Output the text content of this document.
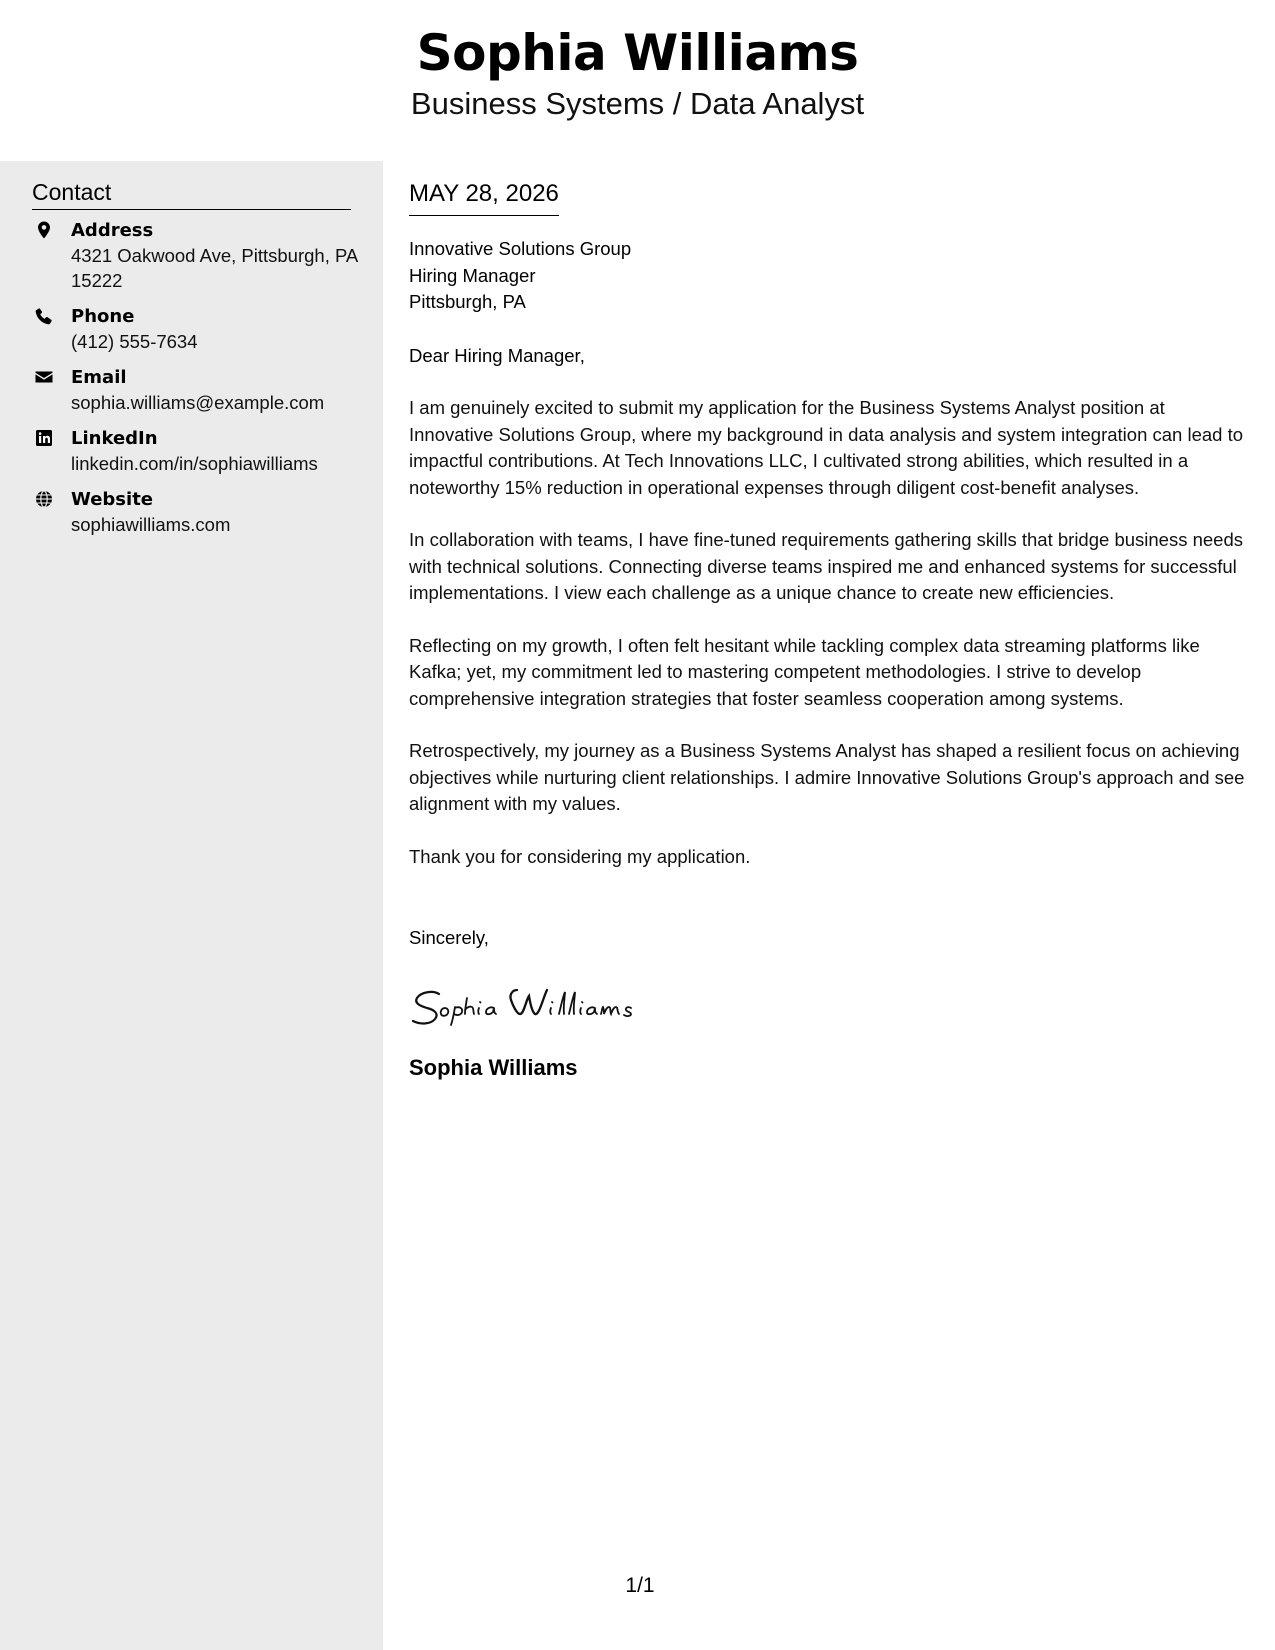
Sophia Williams
Business Systems / Data Analyst
Contact
Address
4321 Oakwood Ave, Pittsburgh, PA 15222
Phone
(412) 555-7634
Email
sophia.williams@example.com
LinkedIn
linkedin.com/in/sophiawilliams
Website
sophiawilliams.com
MAY 28, 2026
Innovative Solutions Group
Hiring Manager
Pittsburgh, PA
Dear Hiring Manager,

I am genuinely excited to submit my application for the Business Systems Analyst position at Innovative Solutions Group, where my background in data analysis and system integration can lead to impactful contributions. At Tech Innovations LLC, I cultivated strong abilities, which resulted in a noteworthy 15% reduction in operational expenses through diligent cost-benefit analyses.

In collaboration with teams, I have fine-tuned requirements gathering skills that bridge business needs with technical solutions. Connecting diverse teams inspired me and enhanced systems for successful implementations. I view each challenge as a unique chance to create new efficiencies.

Reflecting on my growth, I often felt hesitant while tackling complex data streaming platforms like Kafka; yet, my commitment led to mastering competent methodologies. I strive to develop comprehensive integration strategies that foster seamless cooperation among systems.

Retrospectively, my journey as a Business Systems Analyst has shaped a resilient focus on achieving objectives while nurturing client relationships. I admire Innovative Solutions Group's approach and see alignment with my values.

Thank you for considering my application.

Sincerely,
Sophia Williams
1/1
